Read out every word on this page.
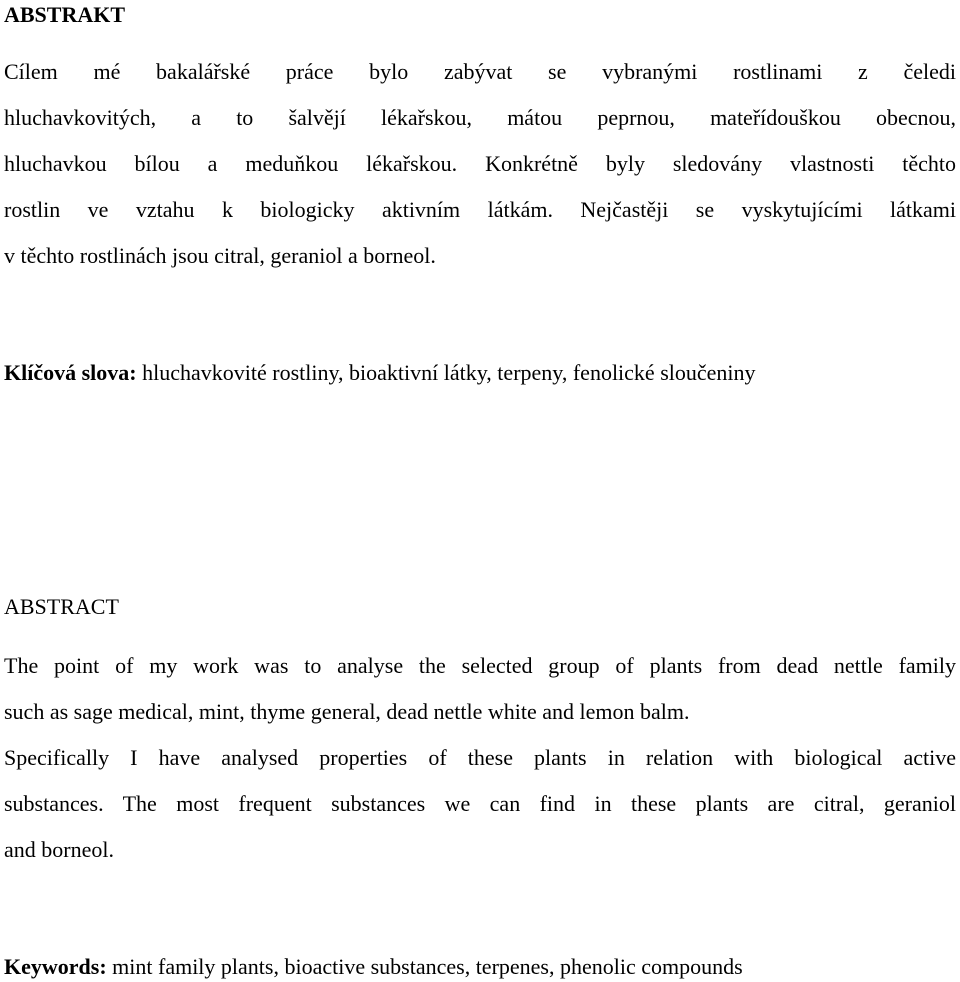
ABSTRAKT
Cílem mé bakalářské práce bylo zabývat se vybranými rostlinami z čeledi
hluchavkovitých, a to šalvějí lékařskou, mátou peprnou, mateřídouškou obecnou,
hluchavkou bílou a meduňkou lékařskou. Konkrétně byly sledovány vlastnosti těchto
rostlin ve vztahu k biologicky aktivním látkám. Nejčastěji se vyskytujícími látkami
v těchto rostlinách jsou citral, geraniol a borneol.
Klíčová slova: hluchavkovité rostliny, bioaktivní látky, terpeny, fenolické sloučeniny
ABSTRACT
The point of my work was to analyse the selected group of plants from dead nettle family
such as sage medical, mint, thyme general, dead nettle white and lemon balm.
Specifically I have analysed properties of these plants in relation with biological active
substances. The most frequent substances we can find in these plants are citral, geraniol
and borneol.
Keywords: mint family plants, bioactive substances, terpenes, phenolic compounds
